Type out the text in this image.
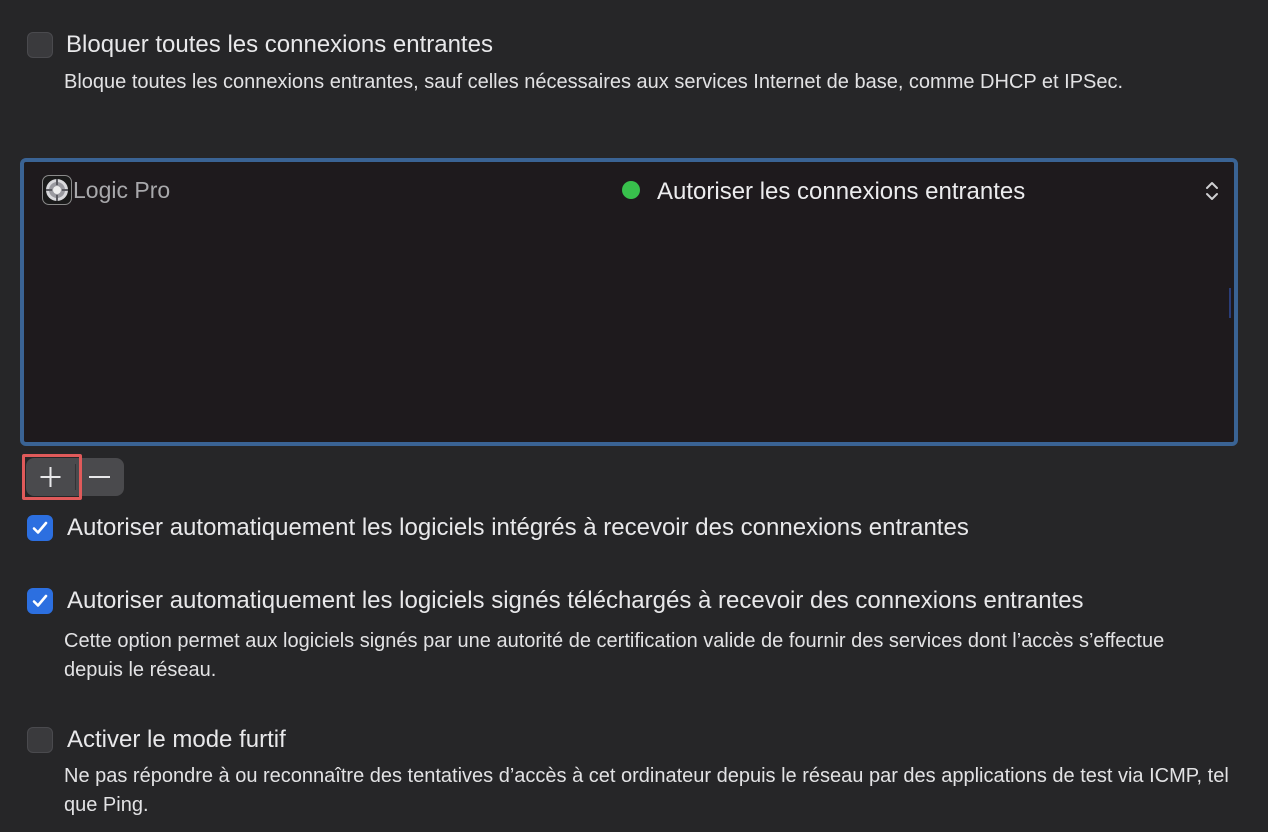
Bloquer toutes les connexions entrantes
Bloque toutes les connexions entrantes, sauf celles nécessaires aux services Internet de base, comme DHCP et IPSec.
Logic Pro	Autoriser les connexions entrantes
Autoriser automatiquement les logiciels intégrés à recevoir des connexions entrantes
Autoriser automatiquement les logiciels signés téléchargés à recevoir des connexions entrantes
Cette option permet aux logiciels signés par une autorité de certification valide de fournir des services dont l’accès s’effectue depuis le réseau.
Activer le mode furtif
Ne pas répondre à ou reconnaître des tentatives d’accès à cet ordinateur depuis le réseau par des applications de test via ICMP, tel que Ping.
